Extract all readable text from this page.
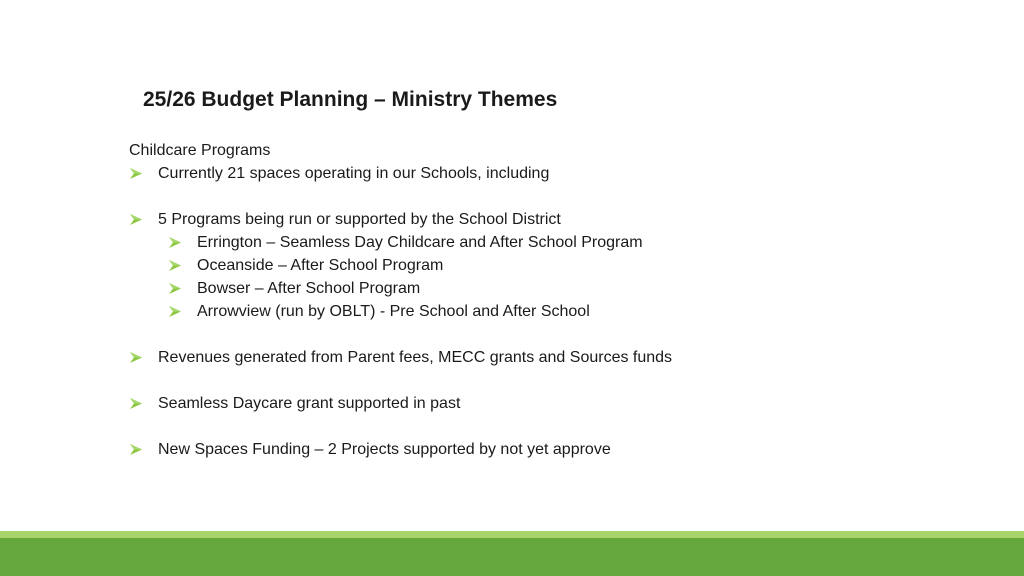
25/26 Budget Planning – Ministry Themes
Childcare Programs
Currently 21 spaces operating in our Schools, including
5 Programs being run or supported by the School District
Errington – Seamless Day Childcare and After School Program
Oceanside – After School Program
Bowser – After School Program
Arrowview (run by OBLT) - Pre School and After School
Revenues generated from Parent fees, MECC grants and Sources funds
Seamless Daycare grant supported in past
New Spaces Funding – 2 Projects supported by not yet approve
